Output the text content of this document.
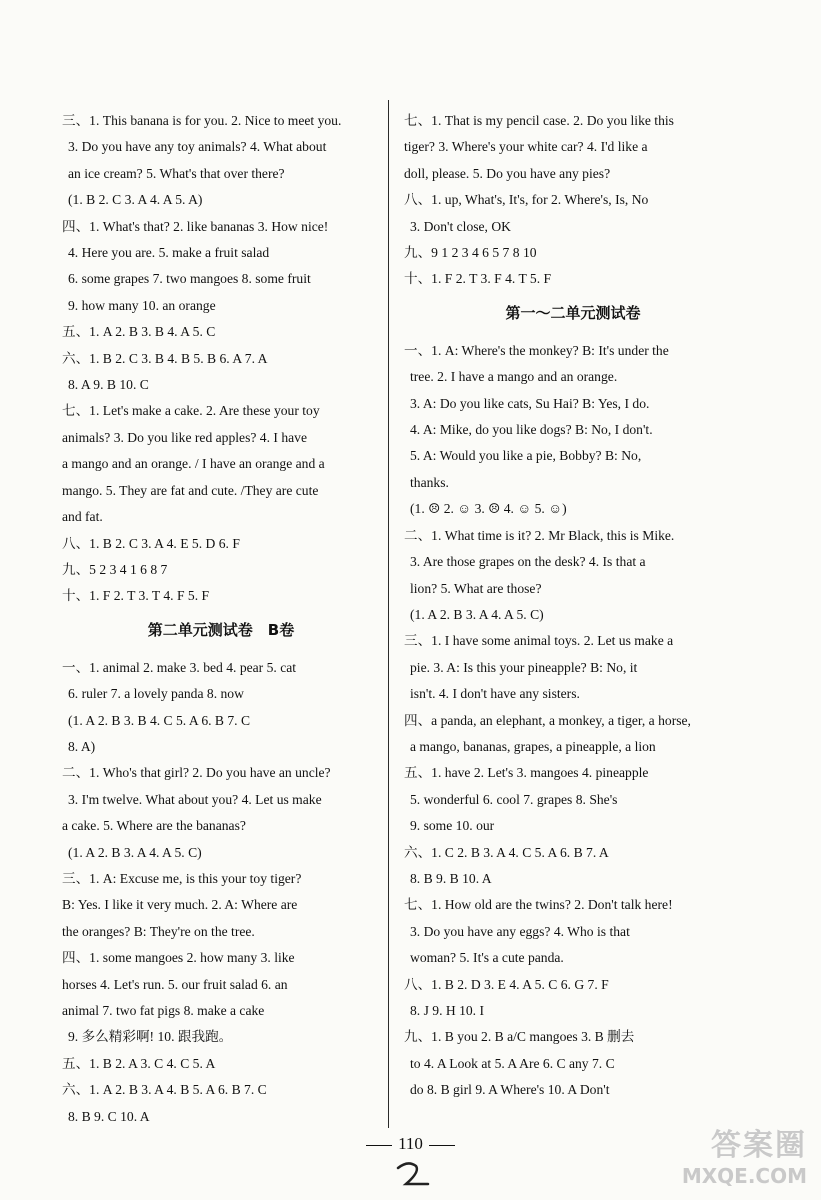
三、1. This banana is for you. 2. Nice to meet you.
3. Do you have any toy animals? 4. What about
an ice cream? 5. What's that over there?
(1. B 2. C 3. A 4. A 5. A)
四、1. What's that? 2. like bananas 3. How nice!
4. Here you are. 5. make a fruit salad
6. some grapes 7. two mangoes 8. some fruit
9. how many 10. an orange
五、1. A 2. B 3. B 4. A 5. C
六、1. B 2. C 3. B 4. B 5. B 6. A 7. A
8. A 9. B 10. C
七、1. Let's make a cake. 2. Are these your toy
animals? 3. Do you like red apples? 4. I have
a mango and an orange. / I have an orange and a
mango. 5. They are fat and cute. /They are cute
and fat.
八、1. B 2. C 3. A 4. E 5. D 6. F
九、5 2 3 4 1 6 8 7
十、1. F 2. T 3. T 4. F 5. F
第二单元测试卷　B卷
一、1. animal 2. make 3. bed 4. pear 5. cat
6. ruler 7. a lovely panda 8. now
(1. A 2. B 3. B 4. C 5. A 6. B 7. C
8. A)
二、1. Who's that girl? 2. Do you have an uncle?
3. I'm twelve. What about you? 4. Let us make
a cake. 5. Where are the bananas?
(1. A 2. B 3. A 4. A 5. C)
三、1. A: Excuse me, is this your toy tiger?
B: Yes. I like it very much. 2. A: Where are
the oranges? B: They're on the tree.
四、1. some mangoes 2. how many 3. like
horses 4. Let's run. 5. our fruit salad 6. an
animal 7. two fat pigs 8. make a cake
9. 多么精彩啊! 10. 跟我跑。
五、1. B 2. A 3. C 4. C 5. A
六、1. A 2. B 3. A 4. B 5. A 6. B 7. C
8. B 9. C 10. A
七、1. That is my pencil case. 2. Do you like this
tiger? 3. Where's your white car? 4. I'd like a
doll, please. 5. Do you have any pies?
八、1. up, What's, It's, for 2. Where's, Is, No
3. Don't close, OK
九、9 1 2 3 4 6 5 7 8 10
十、1. F 2. T 3. F 4. T 5. F
第一～二单元测试卷
一、1. A: Where's the monkey? B: It's under the
tree. 2. I have a mango and an orange.
3. A: Do you like cats, Su Hai? B: Yes, I do.
4. A: Mike, do you like dogs? B: No, I don't.
5. A: Would you like a pie, Bobby? B: No,
thanks.
(1. ☹ 2. ☺ 3. ☹ 4. ☺ 5. ☺)
二、1. What time is it? 2. Mr Black, this is Mike.
3. Are those grapes on the desk? 4. Is that a
lion? 5. What are those?
(1. A 2. B 3. A 4. A 5. C)
三、1. I have some animal toys. 2. Let us make a
pie. 3. A: Is this your pineapple? B: No, it
isn't. 4. I don't have any sisters.
四、a panda, an elephant, a monkey, a tiger, a horse,
a mango, bananas, grapes, a pineapple, a lion
五、1. have 2. Let's 3. mangoes 4. pineapple
5. wonderful 6. cool 7. grapes 8. She's
9. some 10. our
六、1. C 2. B 3. A 4. C 5. A 6. B 7. A
8. B 9. B 10. A
七、1. How old are the twins? 2. Don't talk here!
3. Do you have any eggs? 4. Who is that
woman? 5. It's a cute panda.
八、1. B 2. D 3. E 4. A 5. C 6. G 7. F
8. J 9. H 10. I
九、1. B you 2. B a/C mangoes 3. B 删去
to 4. A Look at 5. A Are 6. C any 7. C
do 8. B girl 9. A Where's 10. A Don't
110	答案圈
MXQE.COM
